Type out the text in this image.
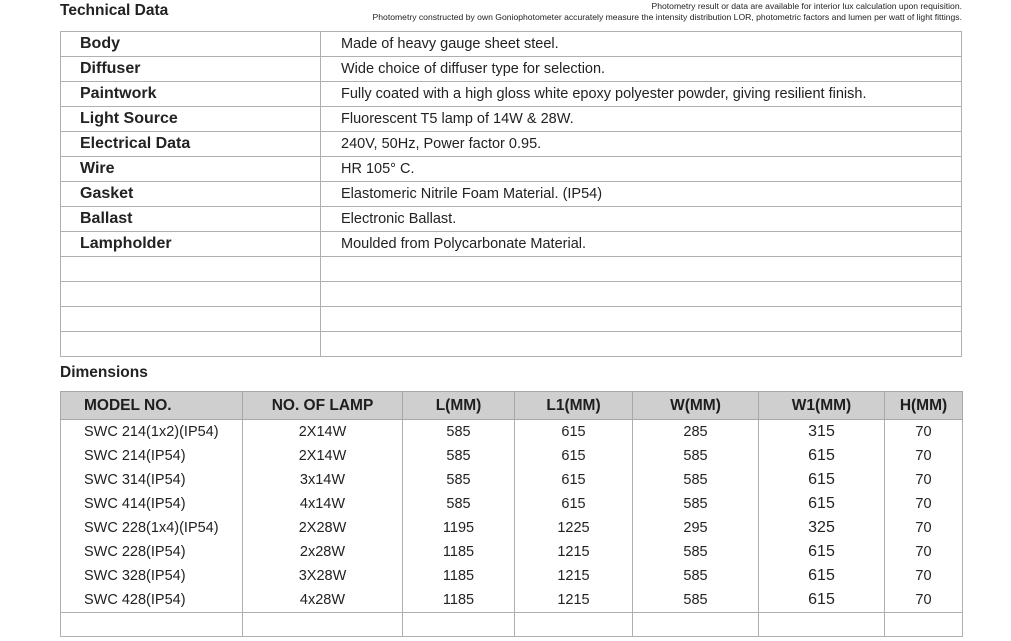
Technical Data	Photometry result or data are available for interior lux calculation upon requisition.
Photometry constructed by own Goniophotometer accurately measure the intensity distribution LOR, photometric factors and lumen per watt of light fittings.
Body	Made of heavy gauge sheet steel.
Diffuser	Wide choice of diffuser type for selection.
Paintwork	Fully coated with a high gloss white epoxy polyester powder, giving resilient finish.
Light Source	Fluorescent T5 lamp of 14W & 28W.
Electrical Data	240V, 50Hz, Power factor 0.95.
Wire	HR 105° C.
Gasket	Elastomeric Nitrile Foam Material. (IP54)
Ballast	Electronic Ballast.
Lampholder	Moulded from Polycarbonate Material.

Dimensions
MODEL NO.	NO. OF LAMP	L(MM)	L1(MM)	W(MM)	W1(MM)	H(MM)
SWC 214(1x2)(IP54)	2X14W	585	615	285	315	70
SWC 214(IP54)	2X14W	585	615	585	615	70
SWC 314(IP54)	3x14W	585	615	585	615	70
SWC 414(IP54)	4x14W	585	615	585	615	70
SWC 228(1x4)(IP54)	2X28W	1195	1225	295	325	70
SWC 228(IP54)	2x28W	1185	1215	585	615	70
SWC 328(IP54)	3X28W	1185	1215	585	615	70
SWC 428(IP54)	4x28W	1185	1215	585	615	70
